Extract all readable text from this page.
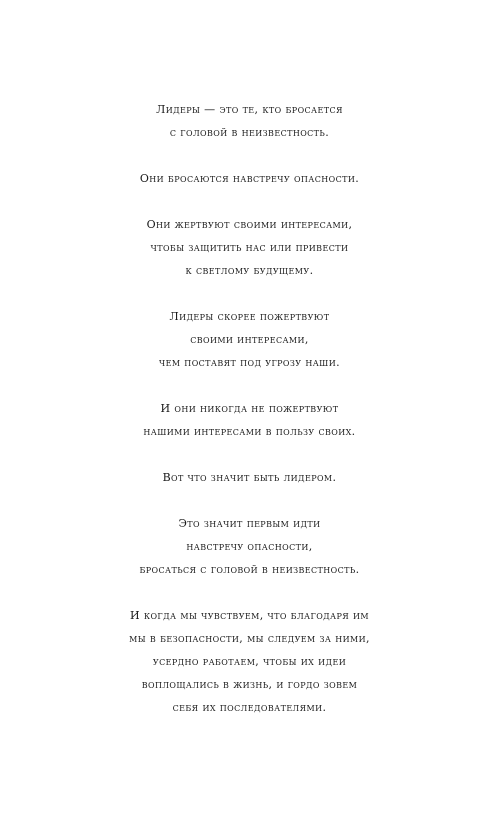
Лидеры — это те, кто бросается
с головой в неизвестность.

Они бросаются навстречу опасности.

Они жертвуют своими интересами,
чтобы защитить нас или привести
к светлому будущему.

Лидеры скорее пожертвуют
своими интересами,
чем поставят под угрозу наши.

И они никогда не пожертвуют
нашими интересами в пользу своих.

Вот что значит быть лидером.

Это значит первым идти
навстречу опасности,
бросаться с головой в неизвестность.

И когда мы чувствуем, что благодаря им
мы в безопасности, мы следуем за ними,
усердно работаем, чтобы их идеи
воплощались в жизнь, и гордо зовем
себя их последователями.
